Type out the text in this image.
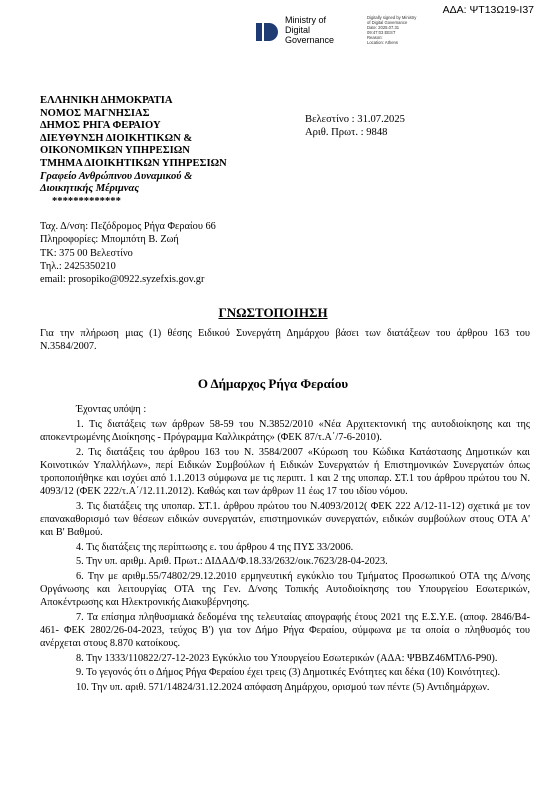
ΑΔΑ: ΨΤ13Ω19-Ι37
Ministry of
Digital
Governance
Digitally signed by Ministry
of Digital Governance
Date: 2025.07.31
09:47:03 EEST
Reason:
Location: Athens
ΕΛΛΗΝΙΚΗ ΔΗΜΟΚΡΑΤΙΑ
ΝΟΜΟΣ ΜΑΓΝΗΣΙΑΣ
ΔΗΜΟΣ ΡΗΓΑ ΦΕΡΑΙΟΥ
ΔΙΕΥΘΥΝΣΗ ΔΙΟΙΚΗΤΙΚΩΝ &
ΟΙΚΟΝΟΜΙΚΩΝ ΥΠΗΡΕΣΙΩΝ
ΤΜΗΜΑ ΔΙΟΙΚΗΤΙΚΩΝ ΥΠΗΡΕΣΙΩΝ
Γραφείο Ανθρώπινου Δυναμικού &
Διοικητικής Μέριμνας
*************
Βελεστίνο : 31.07.2025
Αριθ. Πρωτ. : 9848
Ταχ. Δ/νση: Πεζόδρομος Ρήγα Φεραίου 66
Πληροφορίες: Μπομπότη Β. Ζωή
ΤΚ: 375 00 Βελεστίνο
Τηλ.: 2425350210
email: prosopiko@0922.syzefxis.gov.gr
ΓΝΩΣΤΟΠΟΙΗΣΗ
Για την πλήρωση μιας (1) θέσης Ειδικού Συνεργάτη Δημάρχου βάσει των διατάξεων του άρθρου 163 του Ν.3584/2007.
Ο Δήμαρχος Ρήγα Φεραίου
Έχοντας υπόψη :

1. Τις διατάξεις των άρθρων 58-59 του Ν.3852/2010 «Νέα Αρχιτεκτονική της αυτοδιοίκησης και της αποκεντρωμένης Διοίκησης - Πρόγραμμα Καλλικράτης» (ΦΕΚ 87/τ.Α΄/7-6-2010).

2. Τις διατάξεις του άρθρου 163 του Ν. 3584/2007 «Κύρωση του Κώδικα Κατάστασης Δημοτικών και Κοινοτικών Υπαλλήλων», περί Ειδικών Συμβούλων ή Ειδικών Συνεργατών ή Επιστημονικών Συνεργατών όπως τροποποιήθηκε και ισχύει από 1.1.2013 σύμφωνα με τις περιπτ. 1 και 2 της υποπαρ. ΣΤ.1 του άρθρου πρώτου του Ν. 4093/12 (ΦΕΚ 222/τ.Α΄/12.11.2012). Καθώς και των άρθρων 11 έως 17 του ιδίου νόμου.

3. Τις διατάξεις της υποπαρ. ΣΤ.1. άρθρου πρώτου του Ν.4093/2012( ΦΕΚ 222 Α/12-11-12) σχετικά με τον επανακαθορισμό των θέσεων ειδικών συνεργατών, επιστημονικών συνεργατών, ειδικών συμβούλων στους ΟΤΑ Α' και Β' Βαθμού.

4. Τις διατάξεις της περίπτωσης ε. του άρθρου 4 της ΠΥΣ 33/2006.

5. Την υπ. αριθμ. Αριθ. Πρωτ.: ΔΙΔΑΔ/Φ.18.33/2632/οικ.7623/28-04-2023.

6. Την με αριθμ.55/74802/29.12.2010 ερμηνευτική εγκύκλιο του Τμήματος Προσωπικού ΟΤΑ της Δ/νσης Οργάνωσης και λειτουργίας ΟΤΑ της Γεν. Δ/νσης Τοπικής Αυτοδιοίκησης του Υπουργείου Εσωτερικών, Αποκέντρωσης και Ηλεκτρονικής Διακυβέρνησης.

7. Τα επίσημα πληθυσμιακά δεδομένα της τελευταίας απογραφής έτους 2021 της Ε.Σ.Υ.Ε. (αποφ. 2846/Β4-461- ΦΕΚ 2802/26-04-2023, τεύχος Β') για τον Δήμο Ρήγα Φεραίου, σύμφωνα με τα οποία ο πληθυσμός του ανέρχεται στους 8.870 κατοίκους.

8. Την 1333/110822/27-12-2023 Εγκύκλιο του Υπουργείου Εσωτερικών (ΑΔΑ: ΨΒΒΖ46ΜΤΛ6-Ρ90).

9. Το γεγονός ότι ο Δήμος Ρήγα Φεραίου έχει τρεις (3) Δημοτικές Ενότητες και δέκα (10) Κοινότητες).

10. Την υπ. αριθ. 571/14824/31.12.2024 απόφαση Δημάρχου, ορισμού των πέντε (5) Αντιδημάρχων.
